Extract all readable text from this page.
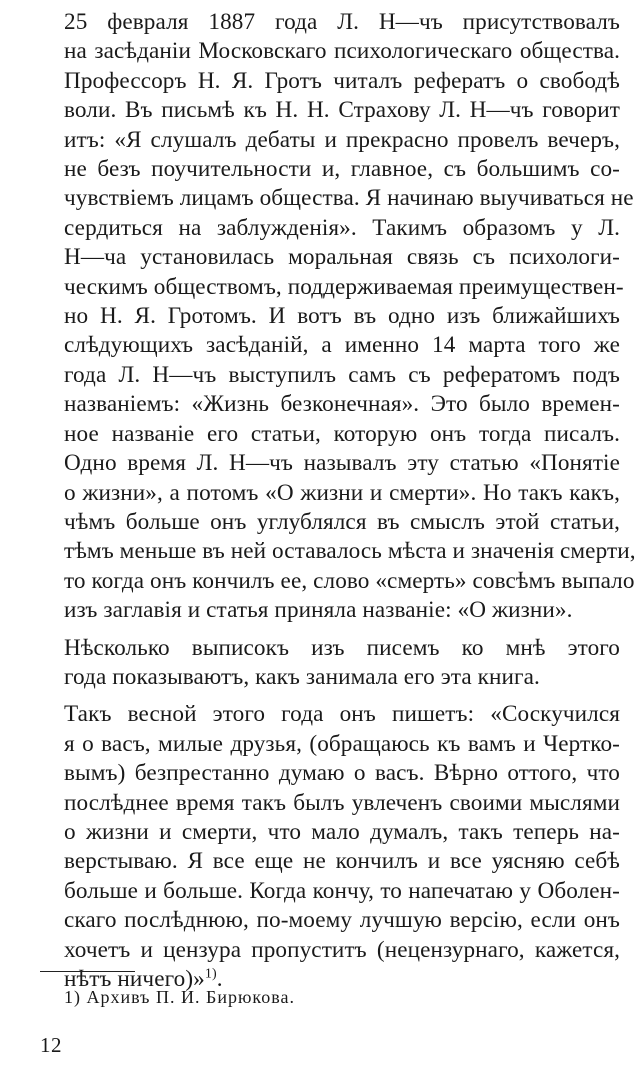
25 февраля 1887 года Л. Н—чъ присутствовалъ
на засѣданіи Московскаго психологическаго общества.
Профессоръ Н. Я. Гротъ читалъ рефератъ о свободѣ
воли. Въ письмѣ къ Н. Н. Страхову Л. Н—чъ говорит
итъ: «Я слушалъ дебаты и прекрасно провелъ вечеръ,
не безъ поучительности и, главное, съ большимъ со-
чувствіемъ лицамъ общества. Я начинаю выучиваться не
сердиться на заблужденія». Такимъ образомъ у Л.
Н—ча установилась моральная связь съ психологи-
ческимъ обществомъ, поддерживаемая преимуществен-
но Н. Я. Гротомъ. И вотъ въ одно изъ ближайшихъ
слѣдующихъ засѣданій, а именно 14 марта того же
года Л. Н—чъ выступилъ самъ съ рефератомъ подъ
названіемъ: «Жизнь безконечная». Это было времен-
ное названіе его статьи, которую онъ тогда писалъ.
Одно время Л. Н—чъ называлъ эту статью «Понятіе
о жизни», а потомъ «О жизни и смерти». Но такъ какъ,
чѣмъ больше онъ углублялся въ смыслъ этой статьи,
тѣмъ меньше въ ней оставалось мѣста и значенія смерти,
то когда онъ кончилъ ее, слово «смерть» совсѣмъ выпало
изъ заглавія и статья приняла названіе: «О жизни».

Нѣсколько выписокъ изъ писемъ ко мнѣ этого
года показываютъ, какъ занимала его эта книга.

Такъ весной этого года онъ пишетъ: «Соскучился
я о васъ, милые друзья, (обращаюсь къ вамъ и Чертко-
вымъ) безпрестанно думаю о васъ. Вѣрно оттого, что
послѣднее время такъ былъ увлеченъ своими мыслями
о жизни и смерти, что мало думалъ, такъ теперь на-
верстываю. Я все еще не кончилъ и все уясняю себѣ
больше и больше. Когда кончу, то напечатаю у Оболен-
скаго послѣднюю, по-моему лучшую версію, если онъ
хочетъ и цензура пропуститъ (нецензурнаго, кажется,
нѣтъ ничего)»$^{1)}$.

1) Архивъ П. И. Бирюкова.
12
